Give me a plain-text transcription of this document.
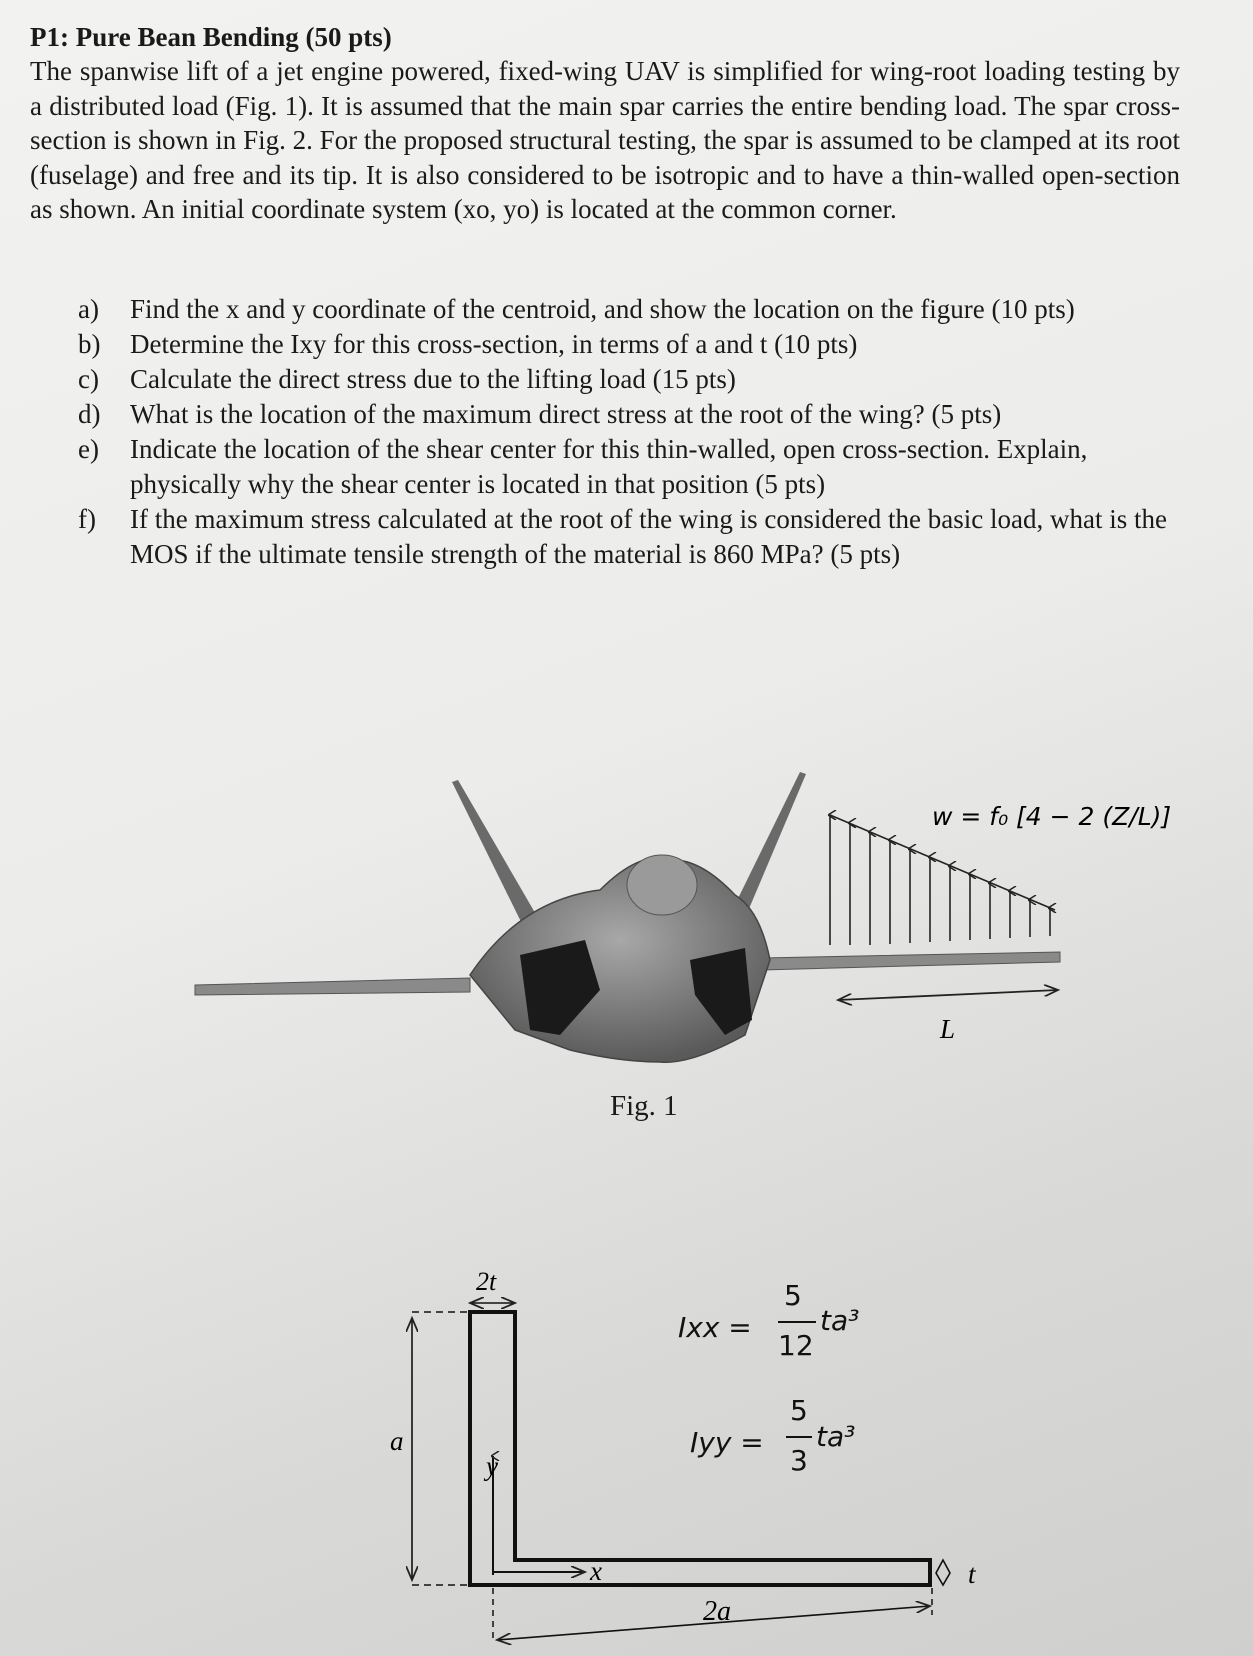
P1: Pure Bean Bending (50 pts)
The spanwise lift of a jet engine powered, fixed-wing UAV is simplified for wing-root loading testing by a distributed load (Fig. 1). It is assumed that the main spar carries the entire bending load. The spar cross-section is shown in Fig. 2. For the proposed structural testing, the spar is assumed to be clamped at its root (fuselage) and free and its tip. It is also considered to be isotropic and to have a thin-walled open-section as shown. An initial coordinate system (xo, yo) is located at the common corner.
a)	Find the x and y coordinate of the centroid, and show the location on the figure (10 pts)
b)	Determine the Ixy for this cross-section, in terms of a and t (10 pts)
c)	Calculate the direct stress due to the lifting load (15 pts)
d)	What is the location of the maximum direct stress at the root of the wing? (5 pts)
e)	Indicate the location of the shear center for this thin-walled, open cross-section. Explain, physically why the shear center is located in that position (5 pts)
f)	If the maximum stress calculated at the root of the wing is considered the basic load, what is the MOS if the ultimate tensile strength of the material is 860 MPa? (5 pts)
L
w = f₀ [4 − 2 (Z/L)]
2t
a
y
x
2a
t
Ixx =
5
12
ta³
Iyy =
5
3
ta³
Fig. 1
